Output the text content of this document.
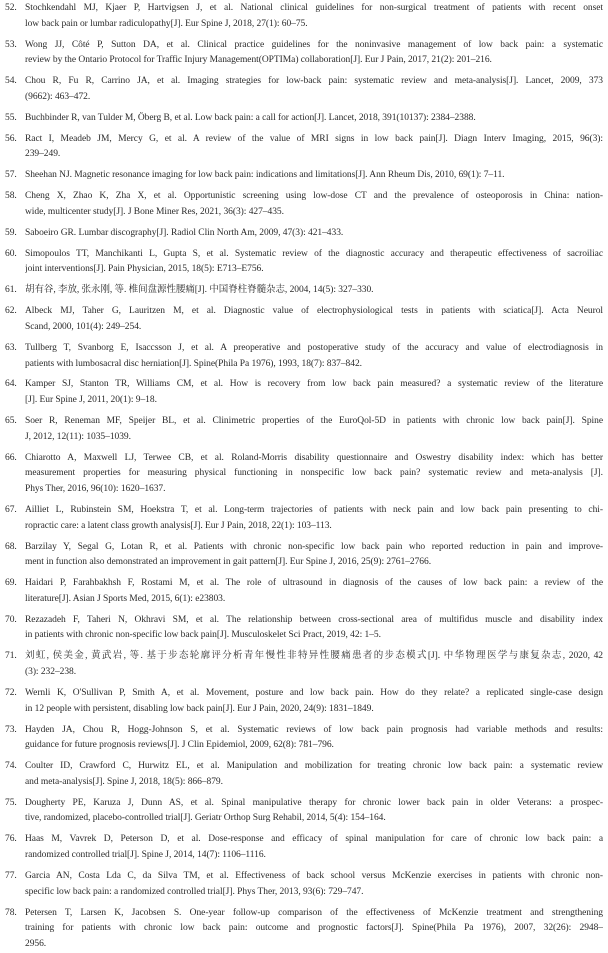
52. Stochkendahl MJ, Kjaer P, Hartvigsen J, et al. National clinical guidelines for non-surgical treatment of patients with recent onset
low back pain or lumbar radiculopathy[J]. Eur Spine J, 2018, 27(1): 60–75.
53. Wong JJ, Côté P, Sutton DA, et al. Clinical practice guidelines for the noninvasive management of low back pain: a systematic
review by the Ontario Protocol for Traffic Injury Management(OPTIMa) collaboration[J]. Eur J Pain, 2017, 21(2): 201–216.
54. Chou R, Fu R, Carrino JA, et al. Imaging strategies for low-back pain: systematic review and meta-analysis[J]. Lancet, 2009, 373
(9662): 463–472.
55. Buchbinder R, van Tulder M, Öberg B, et al. Low back pain: a call for action[J]. Lancet, 2018, 391(10137): 2384–2388.
56. Ract I, Meadeb JM, Mercy G, et al. A review of the value of MRI signs in low back pain[J]. Diagn Interv Imaging, 2015, 96(3):
239–249.
57. Sheehan NJ. Magnetic resonance imaging for low back pain: indications and limitations[J]. Ann Rheum Dis, 2010, 69(1): 7–11.
58. Cheng X, Zhao K, Zha X, et al. Opportunistic screening using low-dose CT and the prevalence of osteoporosis in China: nation-
wide, multicenter study[J]. J Bone Miner Res, 2021, 36(3): 427–435.
59. Saboeiro GR. Lumbar discography[J]. Radiol Clin North Am, 2009, 47(3): 421–433.
60. Simopoulos TT, Manchikanti L, Gupta S, et al. Systematic review of the diagnostic accuracy and therapeutic effectiveness of sacroiliac
joint interventions[J]. Pain Physician, 2015, 18(5): E713–E756.
61. 胡有谷, 李放, 张永刚, 等. 椎间盘源性腰痛[J]. 中国脊柱脊髓杂志, 2004, 14(5): 327–330.
62. Albeck MJ, Taher G, Lauritzen M, et al. Diagnostic value of electrophysiological tests in patients with sciatica[J]. Acta Neurol
Scand, 2000, 101(4): 249–254.
63. Tullberg T, Svanborg E, Isaccsson J, et al. A preoperative and postoperative study of the accuracy and value of electrodiagnosis in
patients with lumbosacral disc herniation[J]. Spine(Phila Pa 1976), 1993, 18(7): 837–842.
64. Kamper SJ, Stanton TR, Williams CM, et al. How is recovery from low back pain measured? a systematic review of the literature
[J]. Eur Spine J, 2011, 20(1): 9–18.
65. Soer R, Reneman MF, Speijer BL, et al. Clinimetric properties of the EuroQol-5D in patients with chronic low back pain[J]. Spine
J, 2012, 12(11): 1035–1039.
66. Chiarotto A, Maxwell LJ, Terwee CB, et al. Roland-Morris disability questionnaire and Oswestry disability index: which has better
measurement properties for measuring physical functioning in nonspecific low back pain? systematic review and meta-analysis [J].
Phys Ther, 2016, 96(10): 1620–1637.
67. Ailliet L, Rubinstein SM, Hoekstra T, et al. Long-term trajectories of patients with neck pain and low back pain presenting to chi-
ropractic care: a latent class growth analysis[J]. Eur J Pain, 2018, 22(1): 103–113.
68. Barzilay Y, Segal G, Lotan R, et al. Patients with chronic non-specific low back pain who reported reduction in pain and improve-
ment in function also demonstrated an improvement in gait pattern[J]. Eur Spine J, 2016, 25(9): 2761–2766.
69. Haidari P, Farahbakhsh F, Rostami M, et al. The role of ultrasound in diagnosis of the causes of low back pain: a review of the
literature[J]. Asian J Sports Med, 2015, 6(1): e23803.
70. Rezazadeh F, Taheri N, Okhravi SM, et al. The relationship between cross-sectional area of multifidus muscle and disability index
in patients with chronic non-specific low back pain[J]. Musculoskelet Sci Pract, 2019, 42: 1–5.
71. 刘虹, 侯美金, 黄武岩, 等. 基于步态轮廓评分析青年慢性非特异性腰痛患者的步态模式[J]. 中华物理医学与康复杂志, 2020, 42
(3): 232–238.
72. Wernli K, O'Sullivan P, Smith A, et al. Movement, posture and low back pain. How do they relate? a replicated single-case design
in 12 people with persistent, disabling low back pain[J]. Eur J Pain, 2020, 24(9): 1831–1849.
73. Hayden JA, Chou R, Hogg-Johnson S, et al. Systematic reviews of low back pain prognosis had variable methods and results:
guidance for future prognosis reviews[J]. J Clin Epidemiol, 2009, 62(8): 781–796.
74. Coulter ID, Crawford C, Hurwitz EL, et al. Manipulation and mobilization for treating chronic low back pain: a systematic review
and meta-analysis[J]. Spine J, 2018, 18(5): 866–879.
75. Dougherty PE, Karuza J, Dunn AS, et al. Spinal manipulative therapy for chronic lower back pain in older Veterans: a prospec-
tive, randomized, placebo-controlled trial[J]. Geriatr Orthop Surg Rehabil, 2014, 5(4): 154–164.
76. Haas M, Vavrek D, Peterson D, et al. Dose-response and efficacy of spinal manipulation for care of chronic low back pain: a
randomized controlled trial[J]. Spine J, 2014, 14(7): 1106–1116.
77. Garcia AN, Costa Lda C, da Silva TM, et al. Effectiveness of back school versus McKenzie exercises in patients with chronic non-
specific low back pain: a randomized controlled trial[J]. Phys Ther, 2013, 93(6): 729–747.
78. Petersen T, Larsen K, Jacobsen S. One-year follow-up comparison of the effectiveness of McKenzie treatment and strengthening
training for patients with chronic low back pain: outcome and prognostic factors[J]. Spine(Phila Pa 1976), 2007, 32(26): 2948–
2956.
